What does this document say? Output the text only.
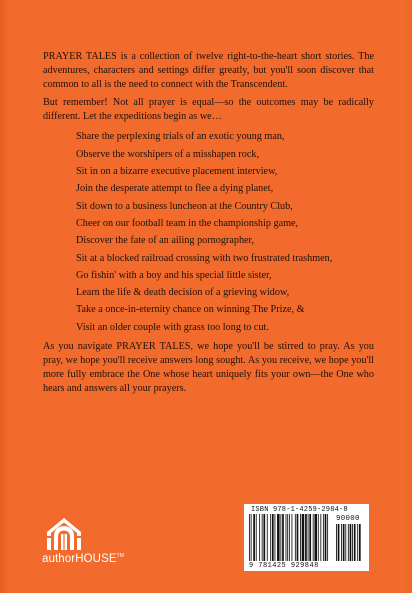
PRAYER TALES is a collection of twelve right-to-the-heart short stories. The adventures, characters and settings differ greatly, but you'll soon discover that common to all is the need to connect with the Transcendent.

But remember! Not all prayer is equal—so the outcomes may be radically different. Let the expeditions begin as we…

Share the perplexing trials of an exotic young man,
Observe the worshipers of a misshapen rock,
Sit in on a bizarre executive placement interview,
Join the desperate attempt to flee a dying planet,
Sit down to a business luncheon at the Country Club,
Cheer on our football team in the championship game,
Discover the fate of an ailing pornographer,
Sit at a blocked railroad crossing with two frustrated trashmen,
Go fishin' with a boy and his special little sister,
Learn the life & death decision of a grieving widow,
Take a once-in-eternity chance on winning The Prize, &
Visit an older couple with grass too long to cut.

As you navigate PRAYER TALES, we hope you'll be stirred to pray. As you pray, we hope you'll receive answers long sought. As you receive, we hope you'll more fully embrace the One whose heart uniquely fits your own—the One who hears and answers all your prayers.

authorHOUSE™
ISBN 978-1-4259-2984-8
90000
9 781425 929848
